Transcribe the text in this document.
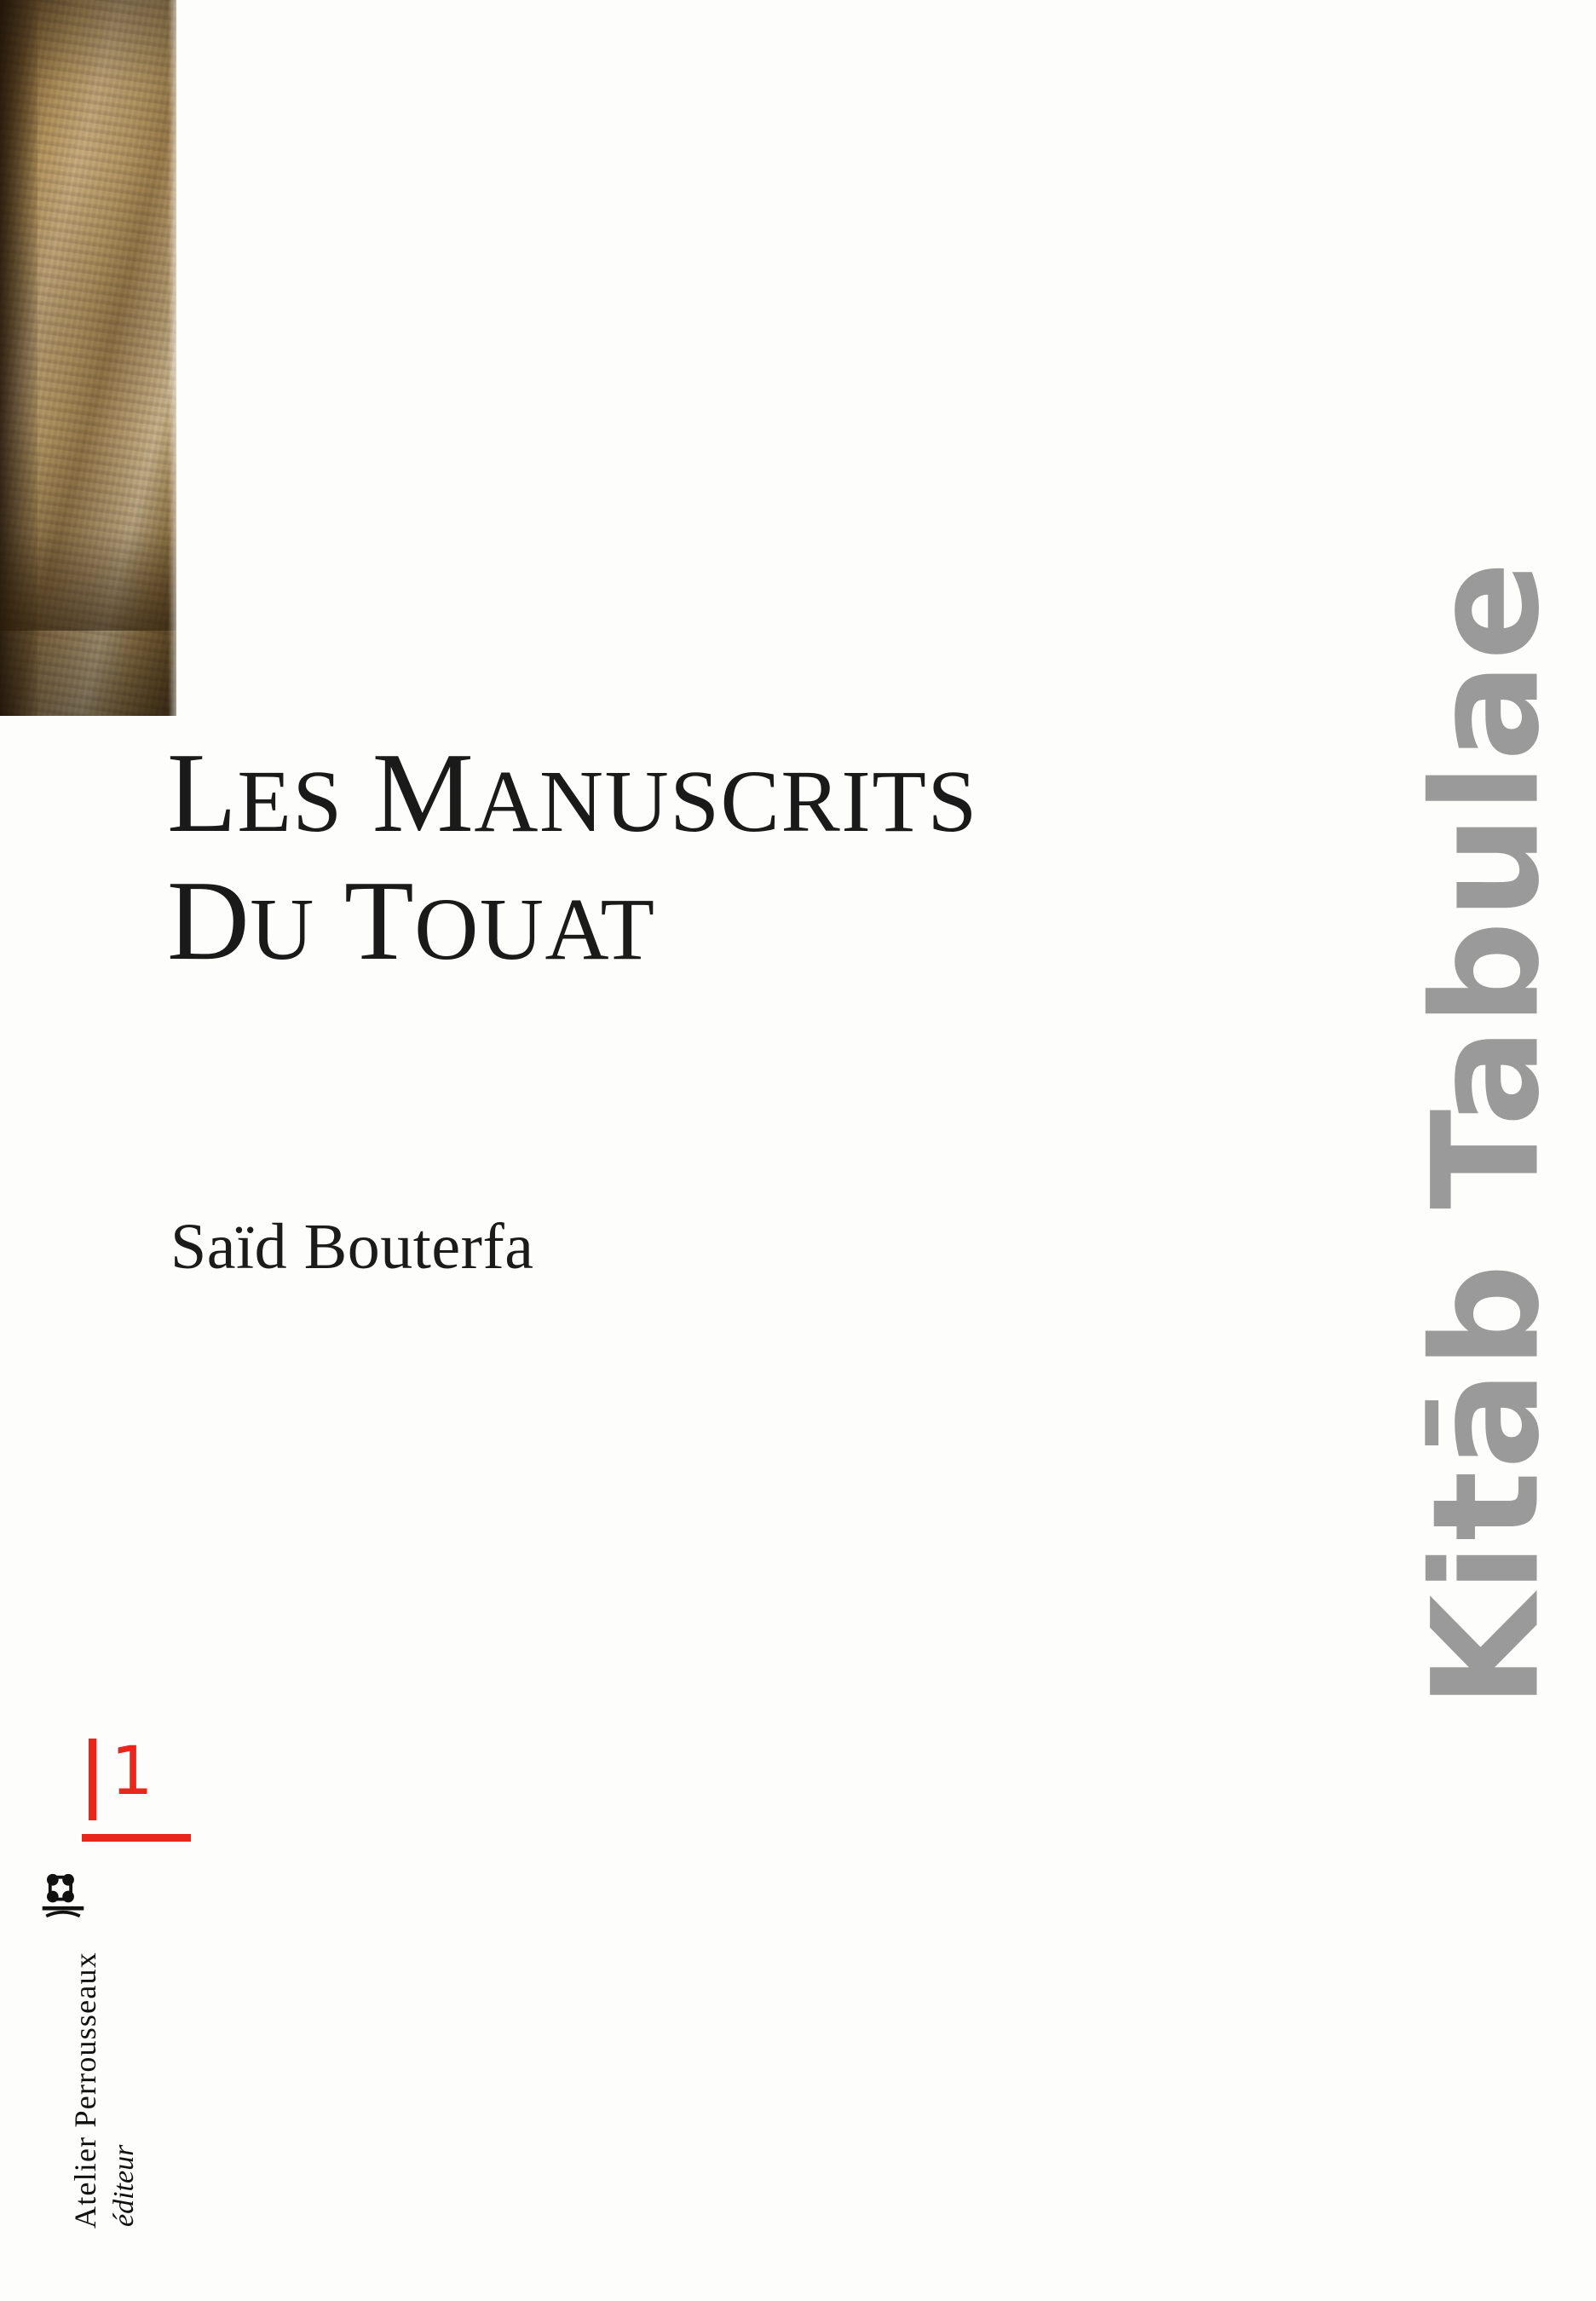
LES MANUSCRITS
DU TOUAT
Saïd Bouterfa	Kitāb Tabulae
1
Atelier Perrousseaux éditeur
